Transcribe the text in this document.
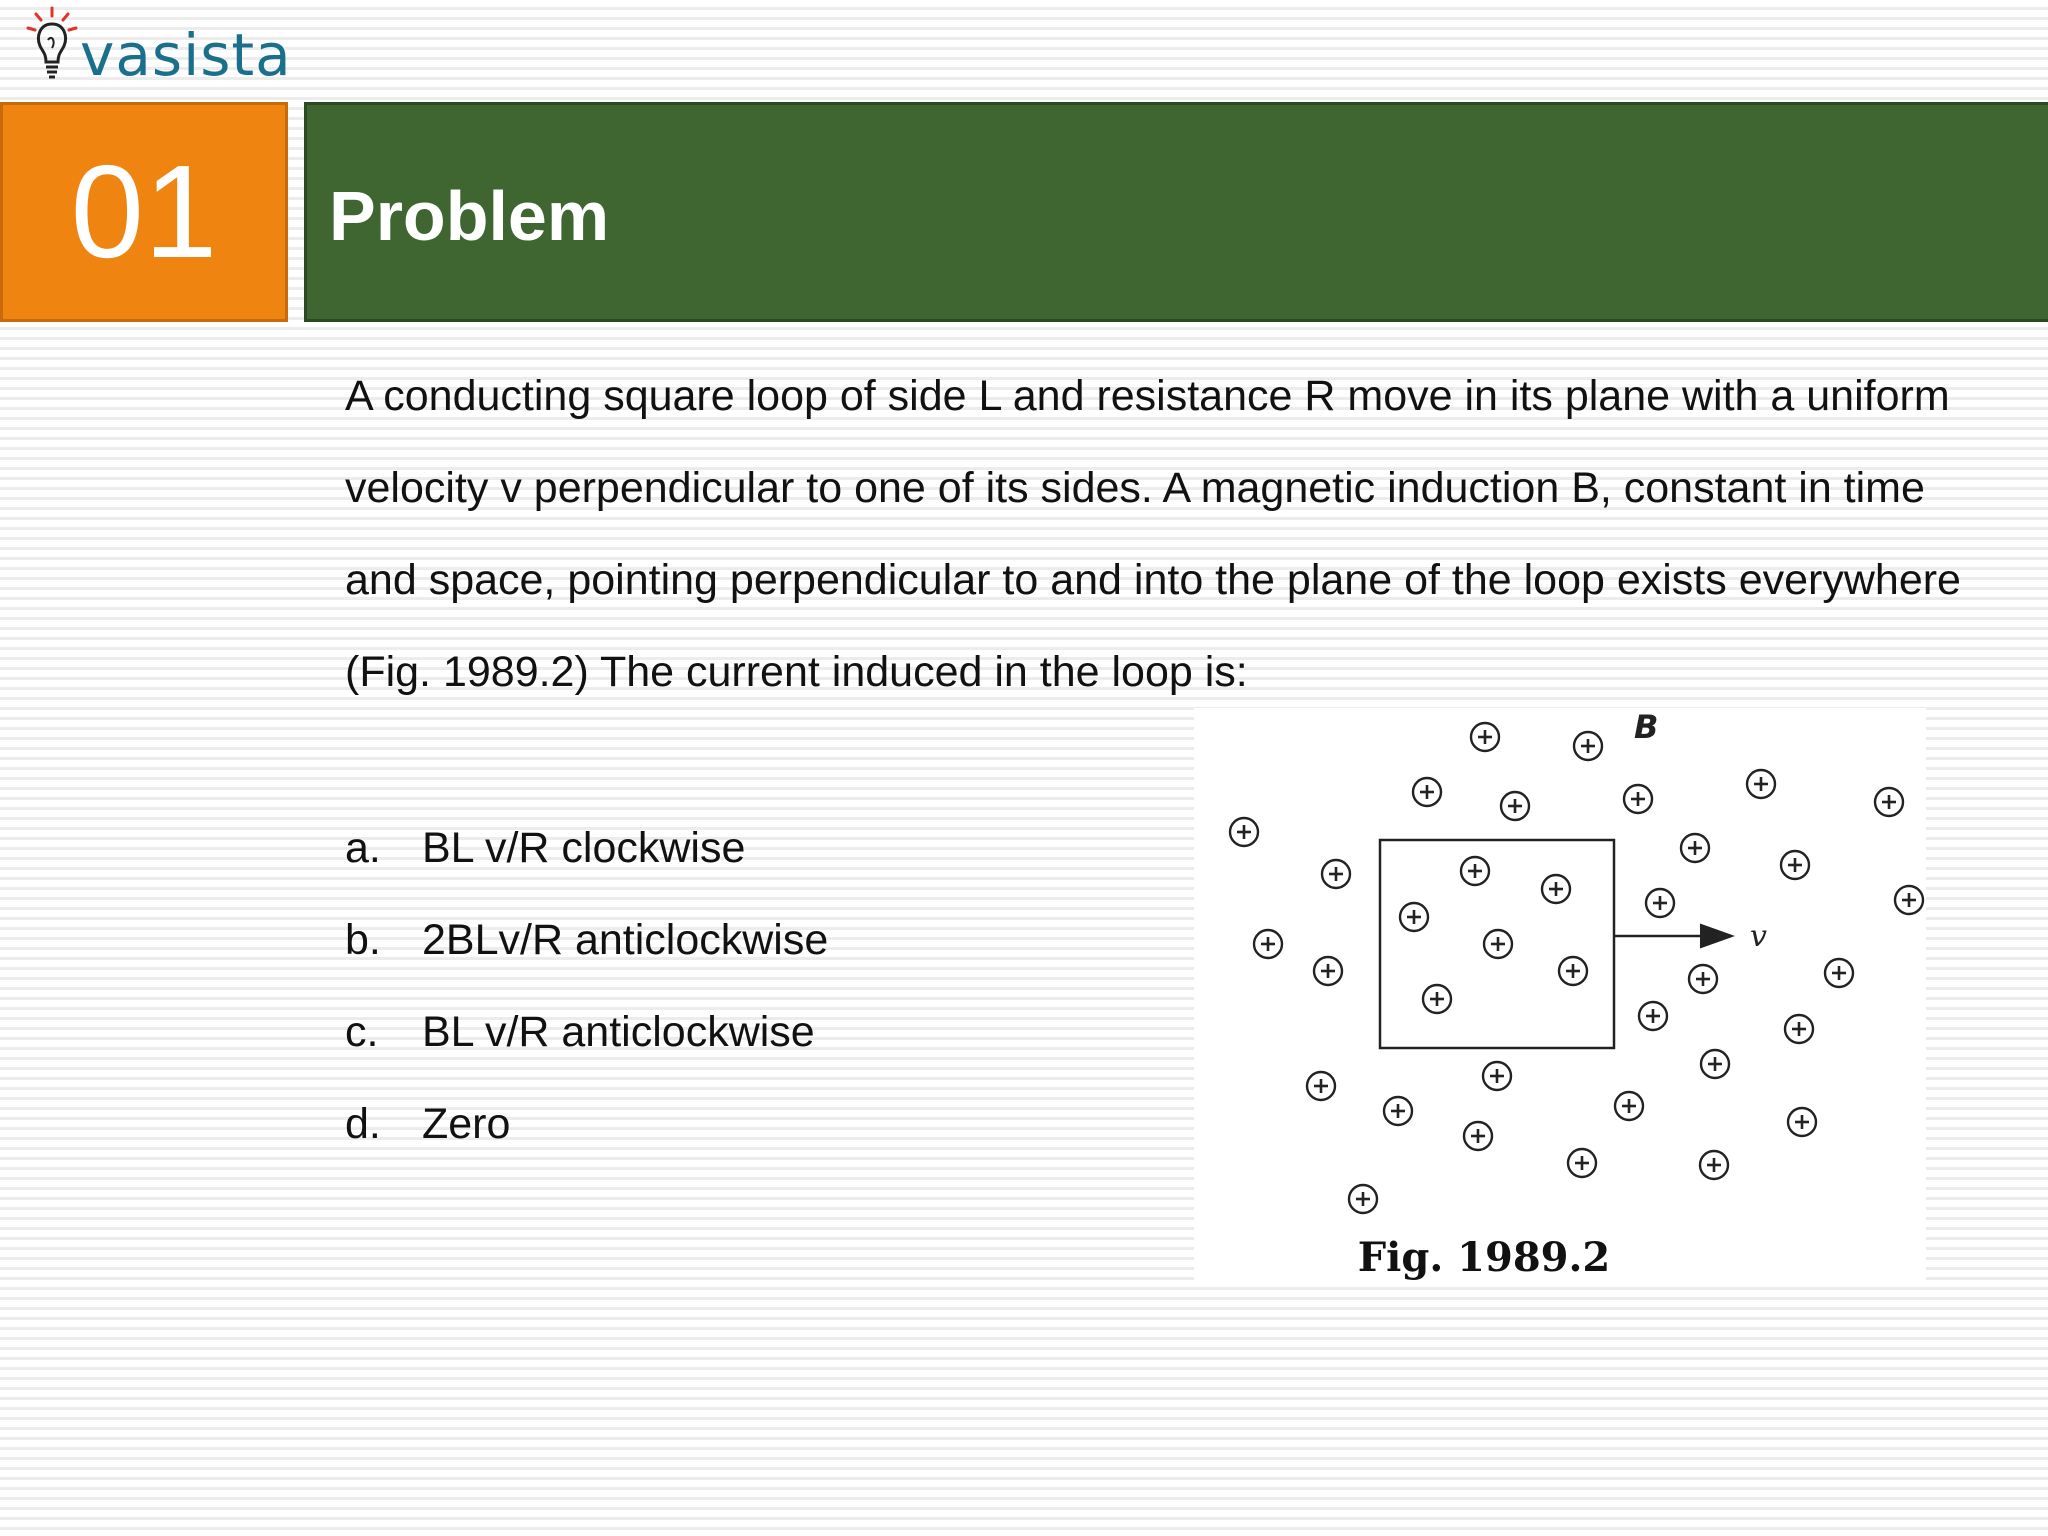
vasista
01 Problem

A conducting square loop of side L and resistance R move in its plane with a uniform velocity v perpendicular to one of its sides. A magnetic induction B, constant in time and space, pointing perpendicular to and into the plane of the loop exists everywhere (Fig. 1989.2) The current induced in the loop is:

a. BL v/R clockwise
b. 2BLv/R anticlockwise
c.	BL v/R anticlockwise
d. Zero
v
B
Fig. 1989.2
